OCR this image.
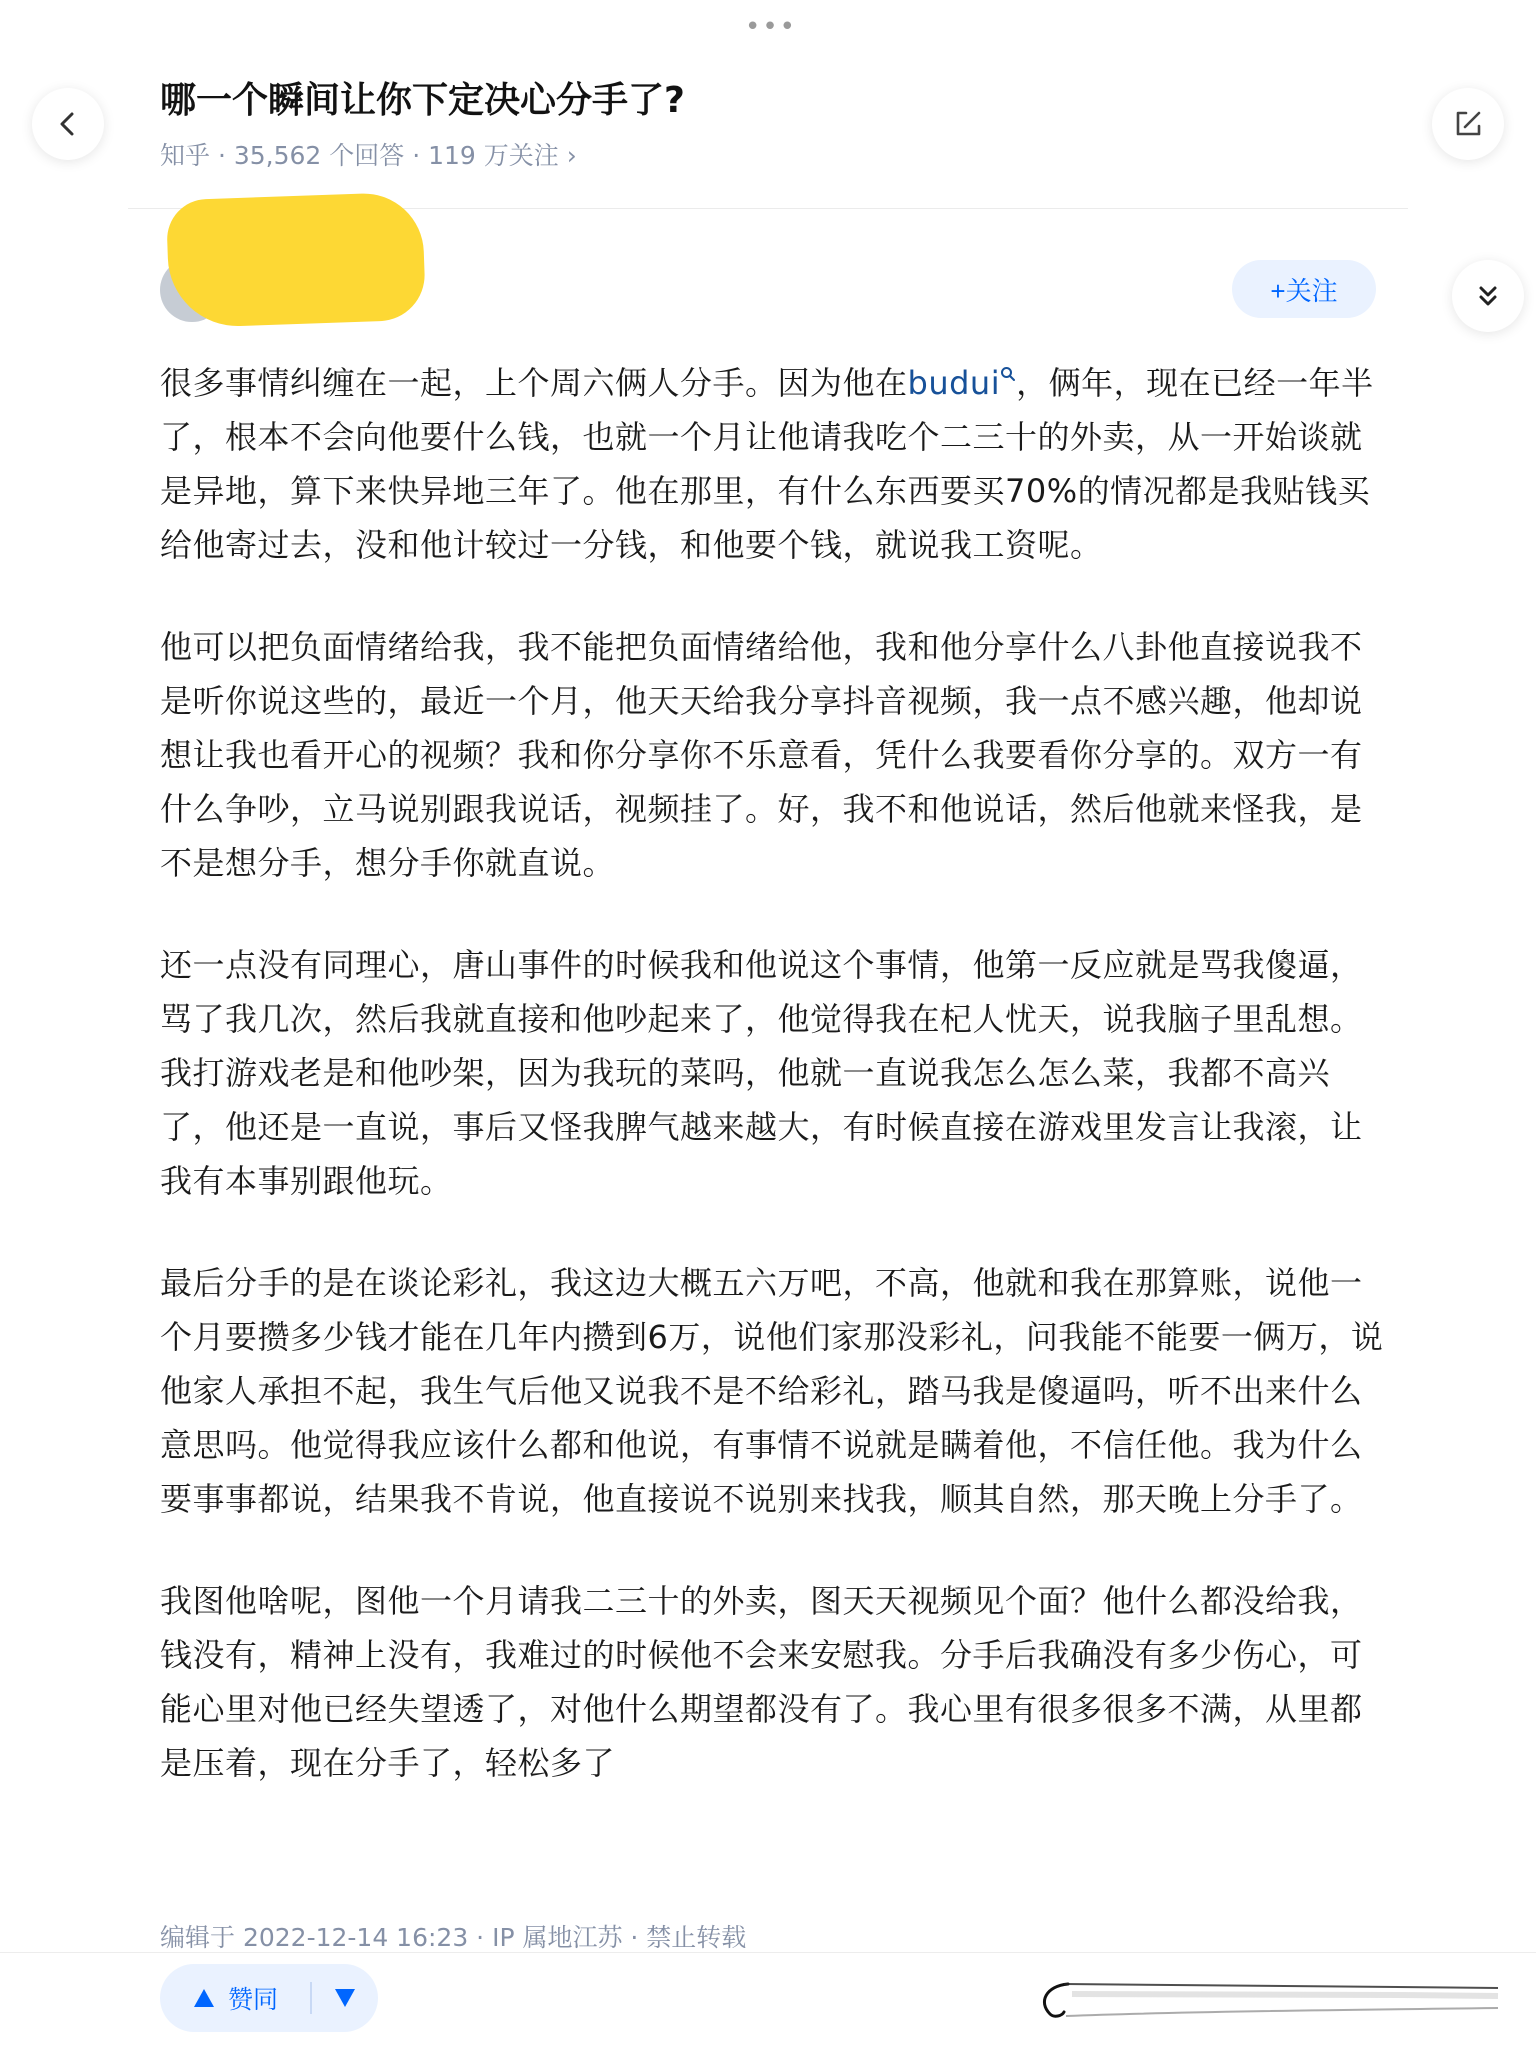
•••
哪一个瞬间让你下定决心分手了?
知乎 · 35,562 个回答 · 119 万关注 ›
+关注

很多事情纠缠在一起，上个周六俩人分手。因为他在budui ，俩年，现在已经一年半了，根本不会向他要什么钱，也就一个月让他请我吃个二三十的外卖，从一开始谈就是异地，算下来快异地三年了。他在那里，有什么东西要买70%的情况都是我贴钱买给他寄过去，没和他计较过一分钱，和他要个钱，就说我工资呢。

他可以把负面情绪给我，我不能把负面情绪给他，我和他分享什么八卦他直接说我不是听你说这些的，最近一个月，他天天给我分享抖音视频，我一点不感兴趣，他却说想让我也看开心的视频？我和你分享你不乐意看，凭什么我要看你分享的。双方一有什么争吵，立马说别跟我说话，视频挂了。好，我不和他说话，然后他就来怪我，是不是想分手，想分手你就直说。

还一点没有同理心，唐山事件的时候我和他说这个事情，他第一反应就是骂我傻逼，骂了我几次，然后我就直接和他吵起来了，他觉得我在杞人忧天，说我脑子里乱想。我打游戏老是和他吵架，因为我玩的菜吗，他就一直说我怎么怎么菜，我都不高兴了，他还是一直说，事后又怪我脾气越来越大，有时候直接在游戏里发言让我滚，让我有本事别跟他玩。

最后分手的是在谈论彩礼，我这边大概五六万吧，不高，他就和我在那算账，说他一个月要攒多少钱才能在几年内攒到6万，说他们家那没彩礼，问我能不能要一俩万，说他家人承担不起，我生气后他又说我不是不给彩礼，踏马我是傻逼吗，听不出来什么意思吗。他觉得我应该什么都和他说，有事情不说就是瞒着他，不信任他。我为什么要事事都说，结果我不肯说，他直接说不说别来找我，顺其自然，那天晚上分手了。

我图他啥呢，图他一个月请我二三十的外卖，图天天视频见个面？他什么都没给我，钱没有，精神上没有，我难过的时候他不会来安慰我。分手后我确没有多少伤心，可能心里对他已经失望透了，对他什么期望都没有了。我心里有很多很多不满，从里都是压着，现在分手了，轻松多了

编辑于 2022-12-14 16:23 · IP 属地江苏 · 禁止转载
赞同
